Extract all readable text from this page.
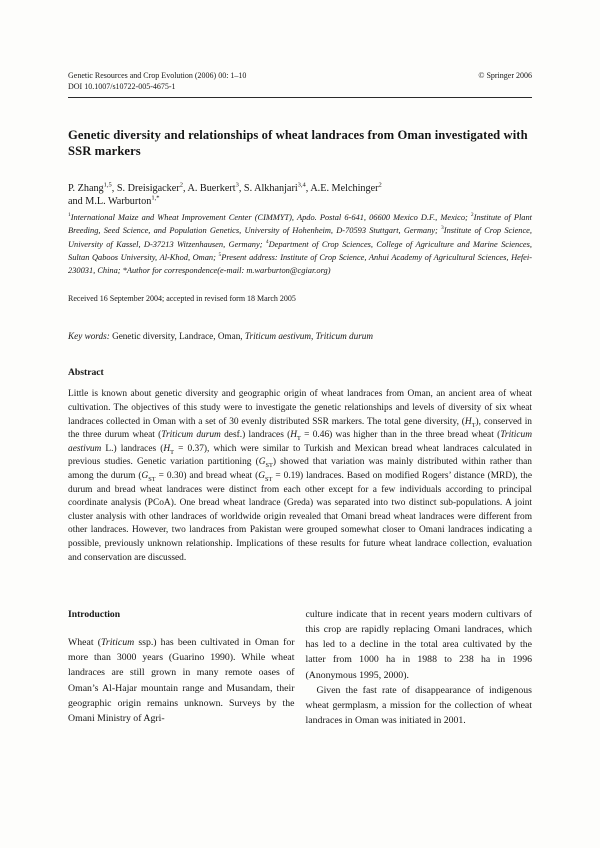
Genetic Resources and Crop Evolution (2006) 00: 1–10
DOI 10.1007/s10722-005-4675-1
© Springer 2006
Genetic diversity and relationships of wheat landraces from Oman investigated with SSR markers
P. Zhang$^{1,5}$, S. Dreisigacker$^2$, A. Buerkert$^3$, S. Alkhanjari$^{3,4}$, A.E. Melchinger$^2$
and M.L. Warburton$^{1,*}$
$^1$International Maize and Wheat Improvement Center (CIMMYT), Apdo. Postal 6-641, 06600 Mexico D.F., Mexico; $^2$Institute of Plant Breeding, Seed Science, and Population Genetics, University of Hohenheim, D-70593 Stuttgart, Germany; $^3$Institute of Crop Science, University of Kassel, D-37213 Witzenhausen, Germany; $^4$Department of Crop Sciences, College of Agriculture and Marine Sciences, Sultan Qaboos University, Al-Khod, Oman; $^5$Present address: Institute of Crop Science, Anhui Academy of Agricultural Sciences, Hefei-230031, China; *Author for correspondence(e-mail: m.warburton@cgiar.org)
Received 16 September 2004; accepted in revised form 18 March 2005
Key words: Genetic diversity, Landrace, Oman, Triticum aestivum, Triticum durum
Abstract
Little is known about genetic diversity and geographic origin of wheat landraces from Oman, an ancient area of wheat cultivation. The objectives of this study were to investigate the genetic relationships and levels of diversity of six wheat landraces collected in Oman with a set of 30 evenly distributed SSR markers. The total gene diversity, $(H_T)$, conserved in the three durum wheat (Triticum durum desf.) landraces $(H_T = 0.46)$ was higher than in the three bread wheat (Triticum aestivum L.) landraces $(H_T = 0.37)$, which were similar to Turkish and Mexican bread wheat landraces calculated in previous studies. Genetic variation partitioning $(G_{ST})$ showed that variation was mainly distributed within rather than among the durum $(G_{ST} = 0.30)$ and bread wheat $(G_{ST} = 0.19)$ landraces. Based on modified Rogers’ distance (MRD), the durum and bread wheat landraces were distinct from each other except for a few individuals according to principal coordinate analysis (PCoA). One bread wheat landrace (Greda) was separated into two distinct sub-populations. A joint cluster analysis with other landraces of worldwide origin revealed that Omani bread wheat landraces were different from other landraces. However, two landraces from Pakistan were grouped somewhat closer to Omani landraces indicating a possible, previously unknown relationship. Implications of these results for future wheat landrace collection, evaluation and conservation are discussed.
Introduction

Wheat (Triticum ssp.) has been cultivated in Oman for more than 3000 years (Guarino 1990). While wheat landraces are still grown in many remote oases of Oman’s Al-Hajar mountain range and Musandam, their geographic origin remains unknown. Surveys by the Omani Ministry of Agri-

culture indicate that in recent years modern cultivars of this crop are rapidly replacing Omani landraces, which has led to a decline in the total area cultivated by the latter from 1000 ha in 1988 to 238 ha in 1996 (Anonymous 1995, 2000).

Given the fast rate of disappearance of indigenous wheat germplasm, a mission for the collection of wheat landraces in Oman was initiated in 2001.
